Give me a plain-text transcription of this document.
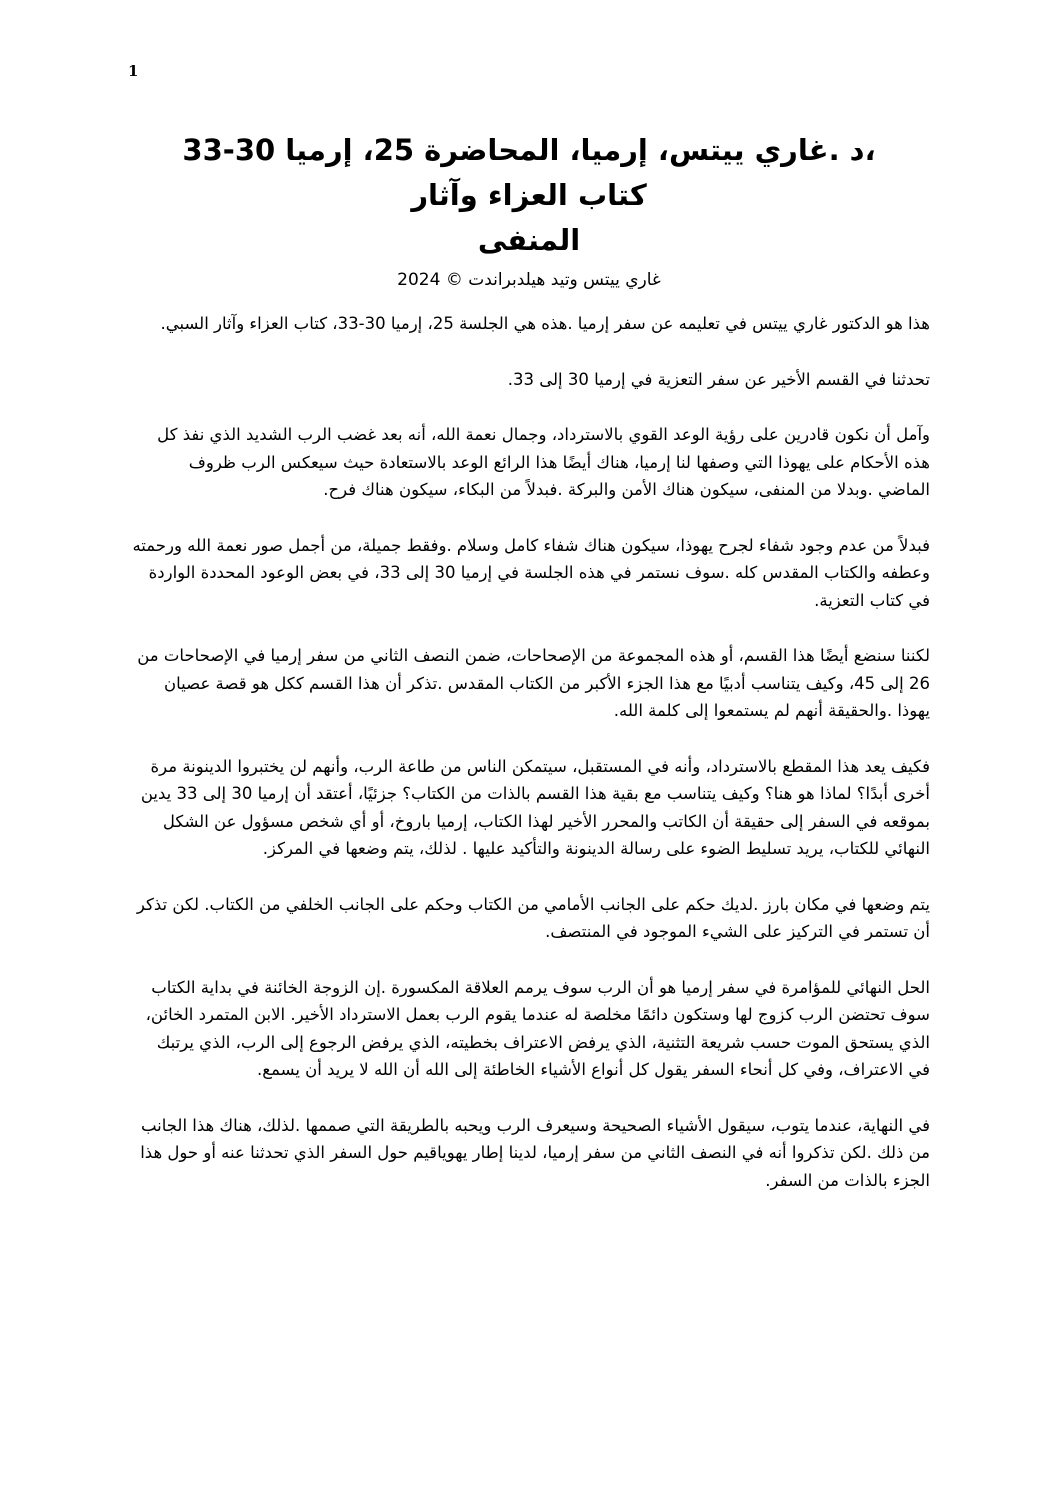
1
،د .غاري ييتس، إرميا، المحاضرة 25، إرميا 30-33
كتاب العزاء وآثار
المنفى
غاري ييتس وتيد هيلدبراندت © 2024

هذا هو الدكتور غاري ييتس في تعليمه عن سفر إرميا .هذه هي الجلسة 25، إرميا 30-33، كتاب العزاء وآثار السبي.

تحدثنا في القسم الأخير عن سفر التعزية في إرميا 30 إلى 33.

وآمل أن نكون قادرين على رؤية الوعد القوي بالاسترداد، وجمال نعمة الله، أنه بعد غضب الرب الشديد الذي نفذ كل هذه الأحكام على يهوذا التي وصفها لنا إرميا، هناك أيضًا هذا الرائع الوعد بالاستعادة حيث سيعكس الرب ظروف الماضي .وبدلا من المنفى، سيكون هناك الأمن والبركة .فبدلاً من البكاء، سيكون هناك فرح.

فبدلاً من عدم وجود شفاء لجرح يهوذا، سيكون هناك شفاء كامل وسلام .وفقط جميلة، من أجمل صور نعمة الله ورحمته وعطفه والكتاب المقدس كله .سوف نستمر في هذه الجلسة في إرميا 30 إلى 33، في بعض الوعود المحددة الواردة في كتاب التعزية.

لكننا سنضع أيضًا هذا القسم، أو هذه المجموعة من الإصحاحات، ضمن النصف الثاني من سفر إرميا في الإصحاحات من 26 إلى 45، وكيف يتناسب أدبيًا مع هذا الجزء الأكبر من الكتاب المقدس .تذكر أن هذا القسم ككل هو قصة عصيان يهوذا .والحقيقة أنهم لم يستمعوا إلى كلمة الله.

فكيف يعد هذا المقطع بالاسترداد، وأنه في المستقبل، سيتمكن الناس من طاعة الرب، وأنهم لن يختبروا الدينونة مرة أخرى أبدًا؟ لماذا هو هنا؟ وكيف يتناسب مع بقية هذا القسم بالذات من الكتاب؟ جزئيًا، أعتقد أن إرميا 30 إلى 33 يدين بموقعه في السفر إلى حقيقة أن الكاتب والمحرر الأخير لهذا الكتاب، إرميا باروخ، أو أي شخص مسؤول عن الشكل النهائي للكتاب، يريد تسليط الضوء على رسالة الدينونة والتأكيد عليها . لذلك، يتم وضعها في المركز.

يتم وضعها في مكان بارز .لديك حكم على الجانب الأمامي من الكتاب وحكم على الجانب الخلفي من الكتاب. لكن تذكر أن تستمر في التركيز على الشيء الموجود في المنتصف.

الحل النهائي للمؤامرة في سفر إرميا هو أن الرب سوف يرمم العلاقة المكسورة .إن الزوجة الخائنة في بداية الكتاب سوف تحتضن الرب كزوج لها وستكون دائمًا مخلصة له عندما يقوم الرب بعمل الاسترداد الأخير. الابن المتمرد الخائن، الذي يستحق الموت حسب شريعة التثنية، الذي يرفض الاعتراف بخطيته، الذي يرفض الرجوع إلى الرب، الذي يرتبك في الاعتراف، وفي كل أنحاء السفر يقول كل أنواع الأشياء الخاطئة إلى الله أن الله لا يريد أن يسمع.

في النهاية، عندما يتوب، سيقول الأشياء الصحيحة وسيعرف الرب ويحبه بالطريقة التي صممها .لذلك، هناك هذا الجانب من ذلك .لكن تذكروا أنه في النصف الثاني من سفر إرميا، لدينا إطار يهوياقيم حول السفر الذي تحدثنا عنه أو حول هذا الجزء بالذات من السفر.
